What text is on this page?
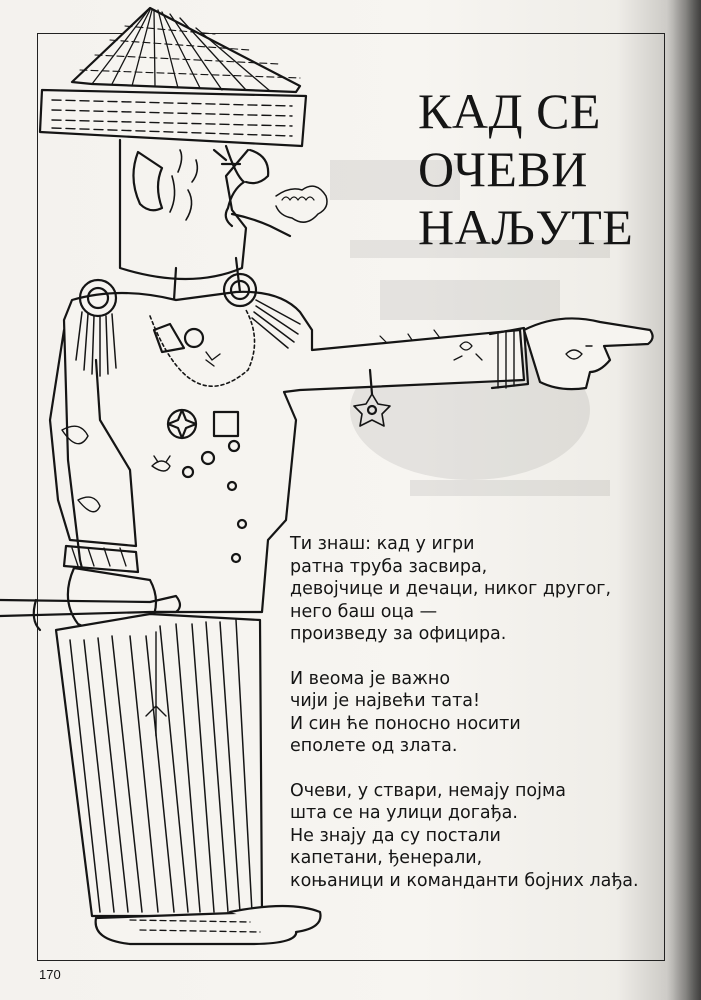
КАД СЕ
ОЧЕВИ
НАЉУТЕ

Ти знаш: кад у игри

ратна труба засвира,

девојчице и дечаци, никог другог,

него баш оца —

произведу за официра.

И веома је важно

чији је највећи тата!

И син ће поносно носити

еполете од злата.

Очеви, у ствари, немају појма

шта се на улици догађа.

Не знају да су постали

капетани, ђенерали,

коњаници и команданти бојних лађа.

170
